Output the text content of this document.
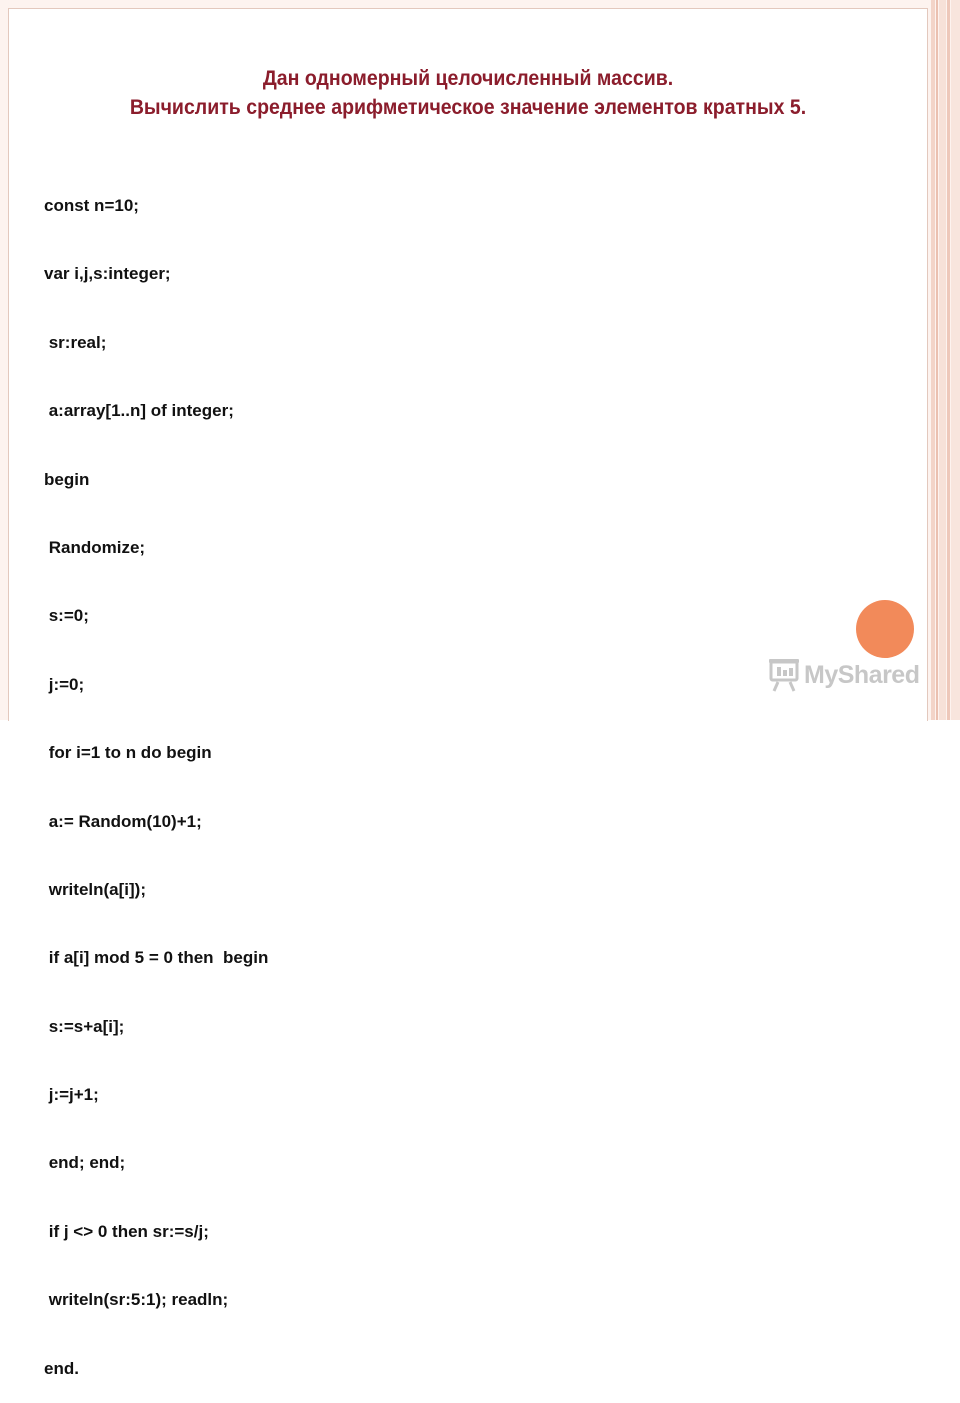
Дан одномерный целочисленный массив.
Вычислить среднее арифметическое значение элементов кратных 5.

const n=10;

var i,j,s:integer;

sr:real;

a:array[1..n] of integer;

begin

Randomize;

s:=0;

j:=0;

for i=1 to n do begin

a:= Random(10)+1;

writeln(a[i]);

if a[i] mod 5 = 0 then  begin

s:=s+a[i];

j:=j+1;

end; end;

if j <> 0 then sr:=s/j;

writeln(sr:5:1); readln;

end.

MyShared
